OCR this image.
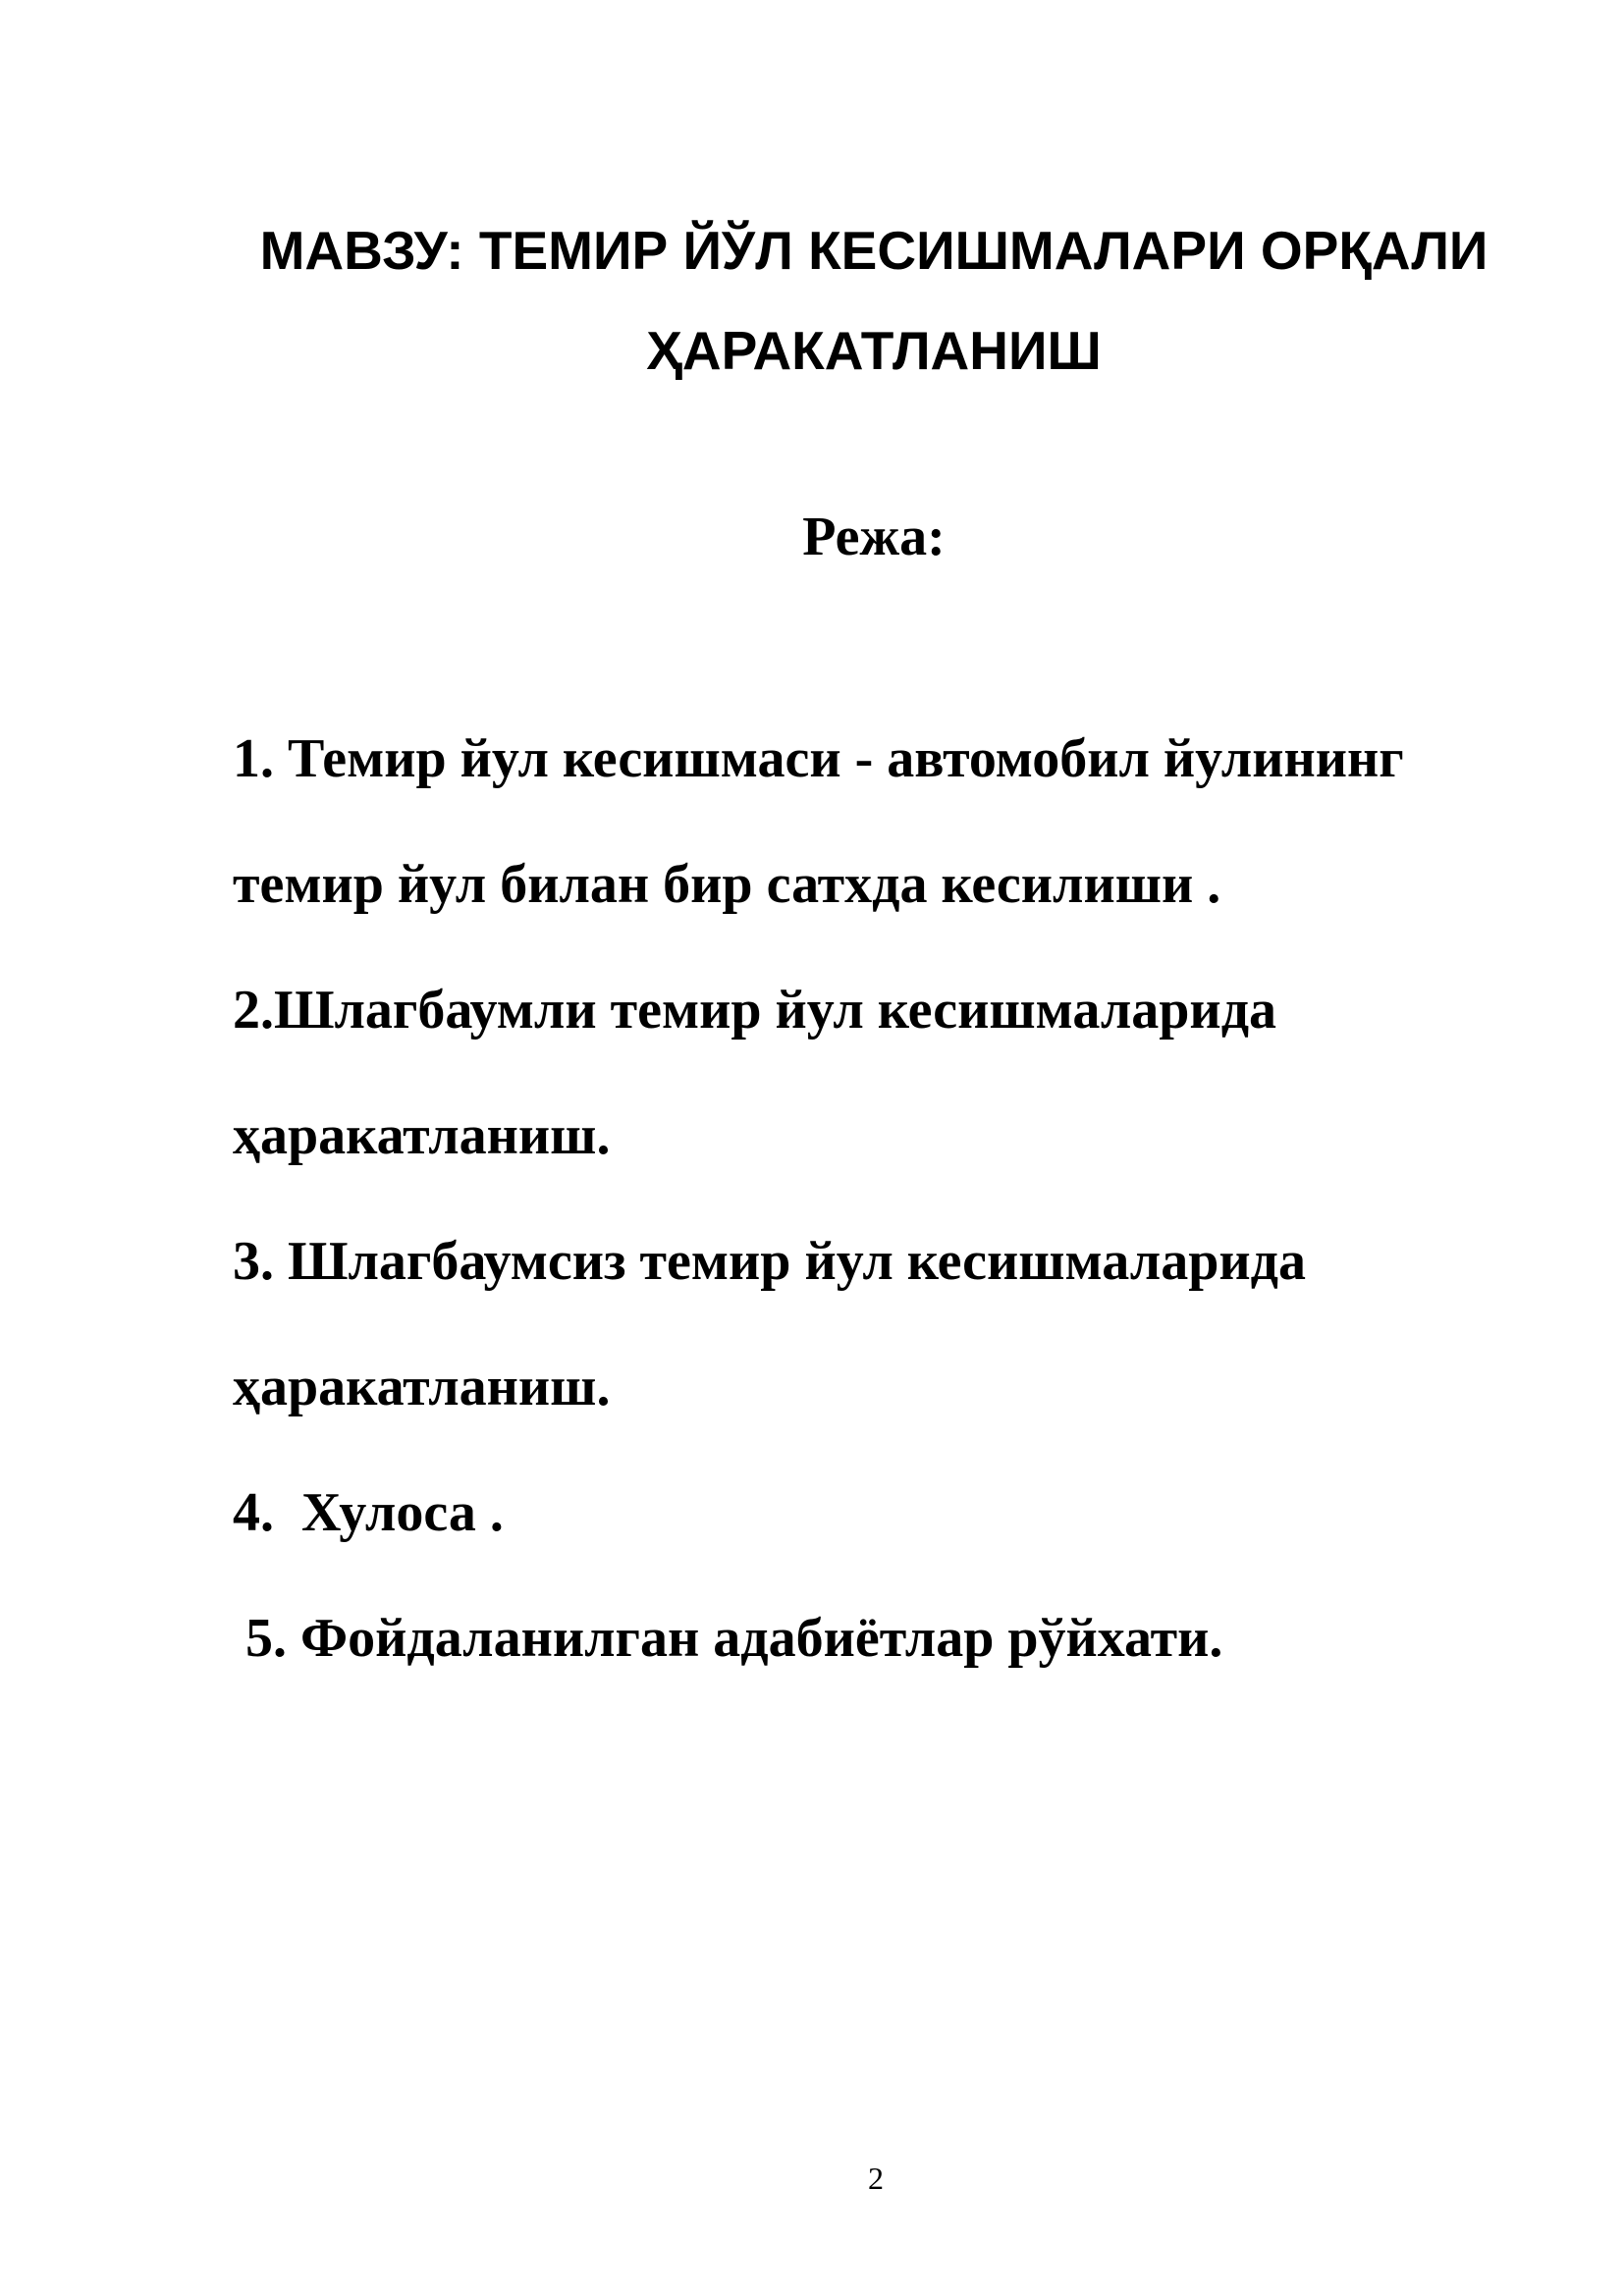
МАВЗУ: ТЕМИР ЙЎЛ КЕСИШМАЛАРИ ОРҚАЛИ
ҲАРАКАТЛАНИШ
Режа:
1. Темир йул кесишмаси - автомобил йулининг
темир йул билан бир сатхда кесилиши .
2.Шлагбаумли темир йул кесишмаларида
ҳаракатланиш.
3. Шлагбаумсиз темир йул кесишмаларида
ҳаракатланиш.
4.  Хулоса .
5. Фойдаланилган адабиётлар рўйхати.
2
